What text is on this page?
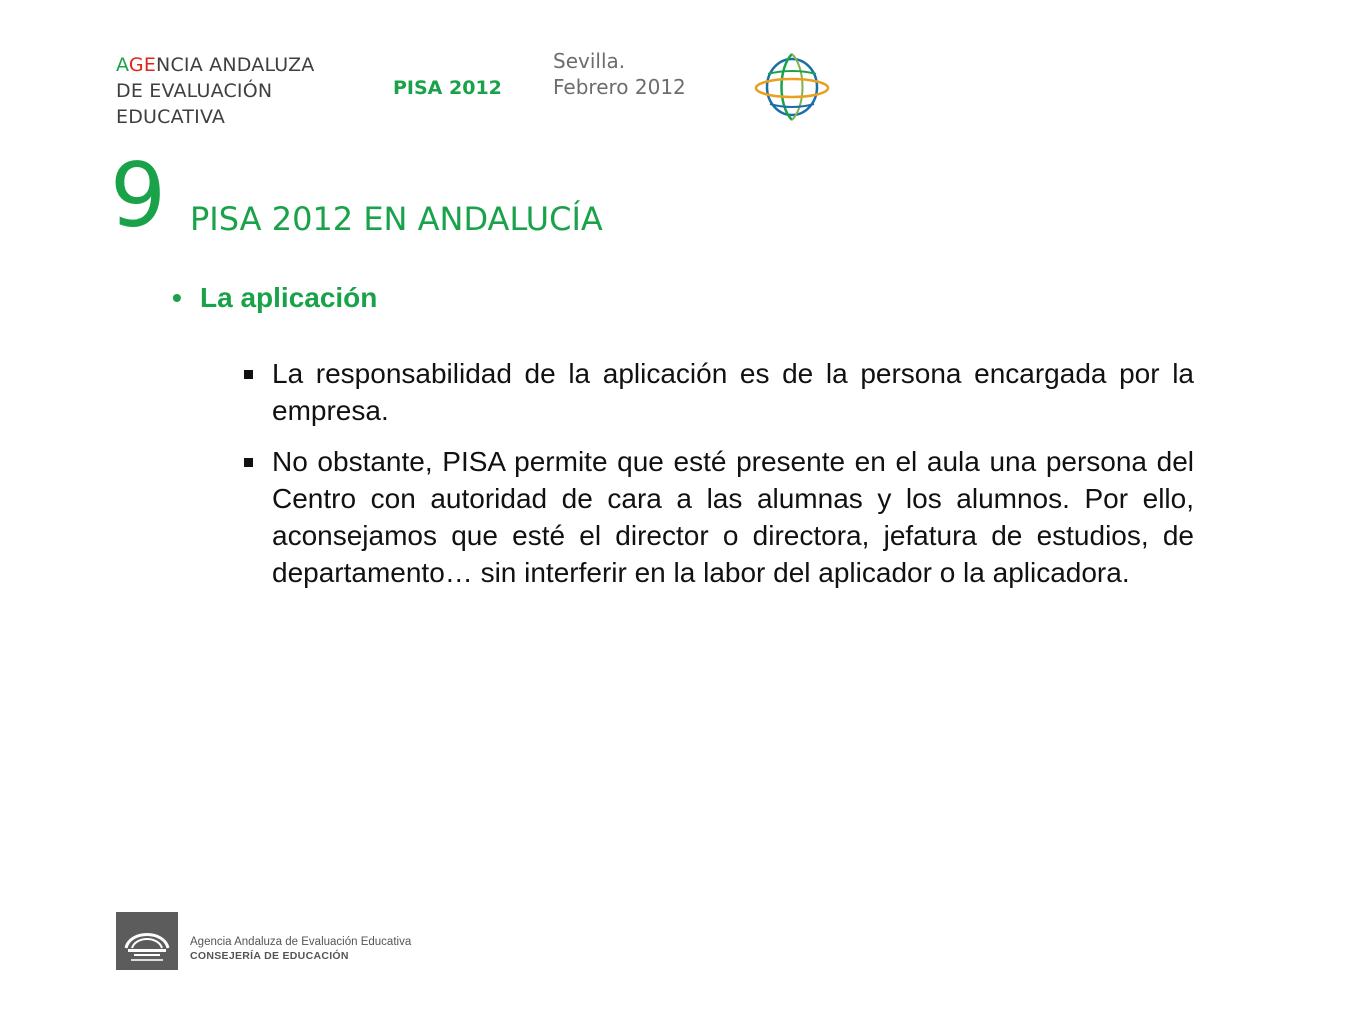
AGENCIA ANDALUZA
DE EVALUACIÓN
EDUCATIVA
PISA 2012
Sevilla.
Febrero 2012
9 PISA 2012 EN ANDALUCÍA
• La aplicación
La responsabilidad de la aplicación es de la persona encargada por la empresa.
No obstante, PISA permite que esté presente en el aula una persona del Centro con autoridad de cara a las alumnas y los alumnos. Por ello, aconsejamos que esté el director o directora, jefatura de estudios, de departamento… sin interferir en la labor del aplicador o la aplicadora.
Agencia Andaluza de Evaluación Educativa
CONSEJERÍA DE EDUCACIÓN
